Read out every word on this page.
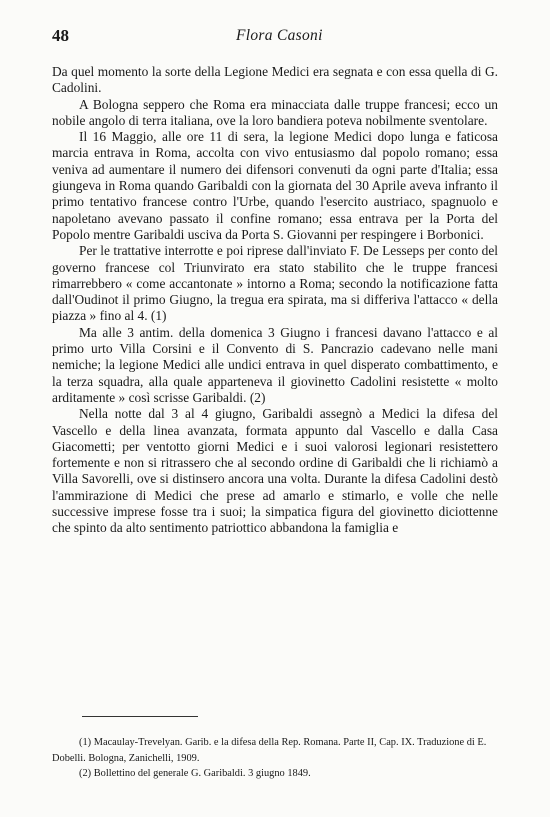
48	Flora Casoni

Da quel momento la sorte della Legione Medici era segnata e con essa quella di G. Cadolini.

A Bologna seppero che Roma era minacciata dalle truppe francesi; ecco un nobile angolo di terra italiana, ove la loro bandiera poteva nobilmente sventolare.

Il 16 Maggio, alle ore 11 di sera, la legione Medici dopo lunga e faticosa marcia entrava in Roma, accolta con vivo entusiasmo dal popolo romano; essa veniva ad aumentare il numero dei difensori convenuti da ogni parte d'Italia; essa giungeva in Roma quando Garibaldi con la giornata del 30 Aprile aveva infranto il primo tentativo francese contro l'Urbe, quando l'esercito austriaco, spagnuolo e napoletano avevano passato il confine romano; essa entrava per la Porta del Popolo mentre Garibaldi usciva da Porta S. Giovanni per respingere i Borbonici.

Per le trattative interrotte e poi riprese dall'inviato F. De Lesseps per conto del governo francese col Triunvirato era stato stabilito che le truppe francesi rimarrebbero « come accantonate » intorno a Roma; secondo la notificazione fatta dall'Oudinot il primo Giugno, la tregua era spirata, ma si differiva l'attacco « della piazza » fino al 4. (1)

Ma alle 3 antim. della domenica 3 Giugno i francesi davano l'attacco e al primo urto Villa Corsini e il Convento di S. Pancrazio cadevano nelle mani nemiche; la legione Medici alle undici entrava in quel disperato combattimento, e la terza squadra, alla quale apparteneva il giovinetto Cadolini resistette « molto arditamente » così scrisse Garibaldi. (2)

Nella notte dal 3 al 4 giugno, Garibaldi assegnò a Medici la difesa del Vascello e della linea avanzata, formata appunto dal Vascello e dalla Casa Giacometti; per ventotto giorni Medici e i suoi valorosi legionari resistettero fortemente e non si ritrassero che al secondo ordine di Garibaldi che li richiamò a Villa Savorelli, ove si distinsero ancora una volta. Durante la difesa Cadolini destò l'ammirazione di Medici che prese ad amarlo e stimarlo, e volle che nelle successive imprese fosse tra i suoi; la simpatica figura del giovinetto diciottenne che spinto da alto sentimento patriottico abbandona la famiglia e

(1) Macaulay-Trevelyan. Garib. e la difesa della Rep. Romana. Parte II, Cap. IX. Traduzione di E. Dobelli. Bologna, Zanichelli, 1909.

(2) Bollettino del generale G. Garibaldi. 3 giugno 1849.
